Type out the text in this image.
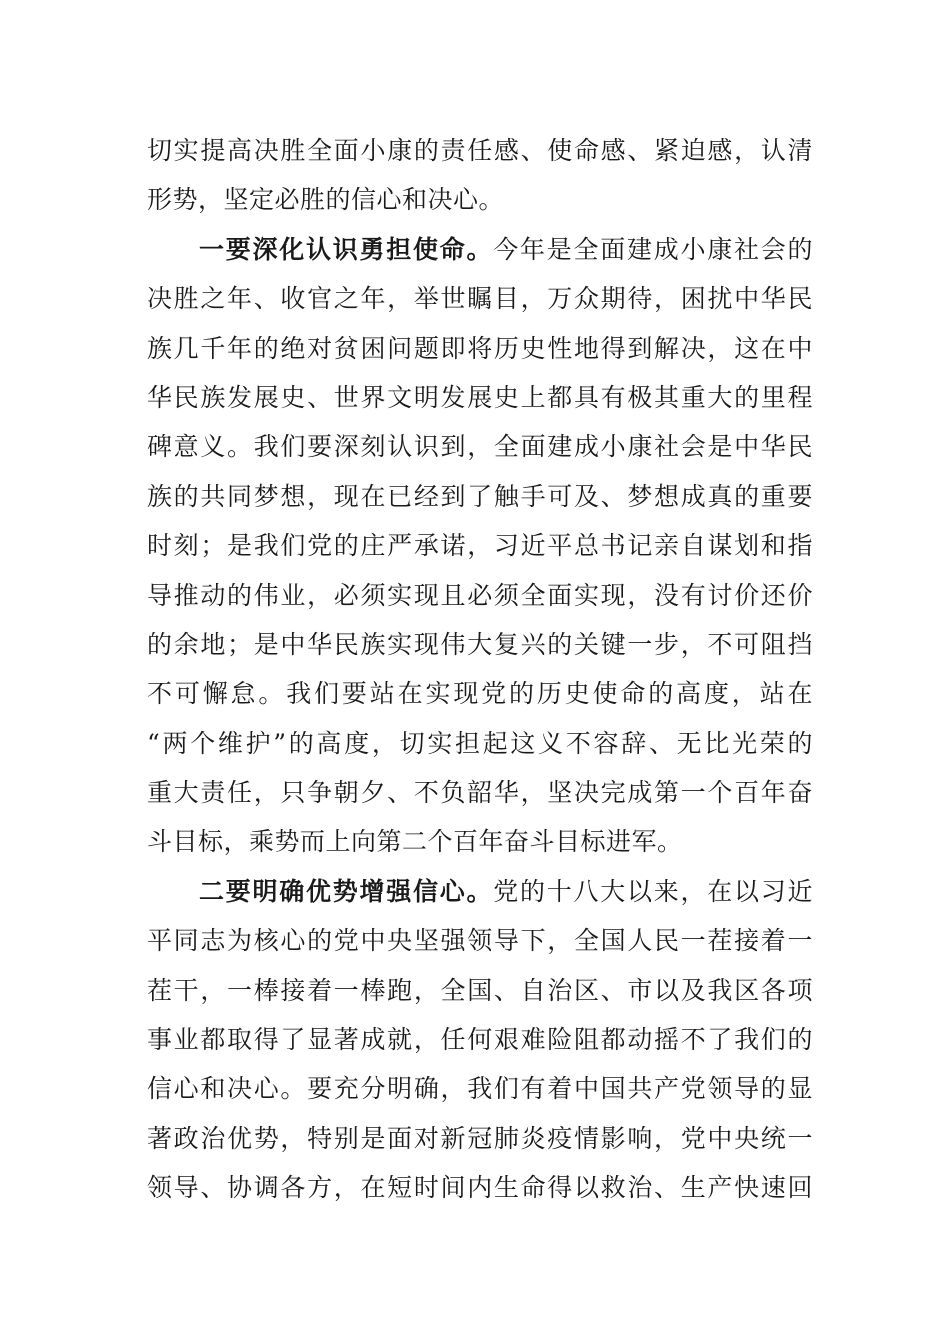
切实提高决胜全面小康的责任感、使命感、紧迫感，认清
形势，坚定必胜的信心和决心。
一要深化认识勇担使命。今年是全面建成小康社会的
决胜之年、收官之年，举世瞩目，万众期待，困扰中华民
族几千年的绝对贫困问题即将历史性地得到解决，这在中
华民族发展史、世界文明发展史上都具有极其重大的里程
碑意义。我们要深刻认识到，全面建成小康社会是中华民
族的共同梦想，现在已经到了触手可及、梦想成真的重要
时刻；是我们党的庄严承诺，习近平总书记亲自谋划和指
导推动的伟业，必须实现且必须全面实现，没有讨价还价
的余地；是中华民族实现伟大复兴的关键一步，不可阻挡
不可懈怠。我们要站在实现党的历史使命的高度，站在
“两个维护”的高度，切实担起这义不容辞、无比光荣的
重大责任，只争朝夕、不负韶华，坚决完成第一个百年奋
斗目标，乘势而上向第二个百年奋斗目标进军。
二要明确优势增强信心。党的十八大以来，在以习近
平同志为核心的党中央坚强领导下，全国人民一茬接着一
茬干，一棒接着一棒跑，全国、自治区、市以及我区各项
事业都取得了显著成就，任何艰难险阻都动摇不了我们的
信心和决心。要充分明确，我们有着中国共产党领导的显
著政治优势，特别是面对新冠肺炎疫情影响，党中央统一
领导、协调各方，在短时间内生命得以救治、生产快速回
